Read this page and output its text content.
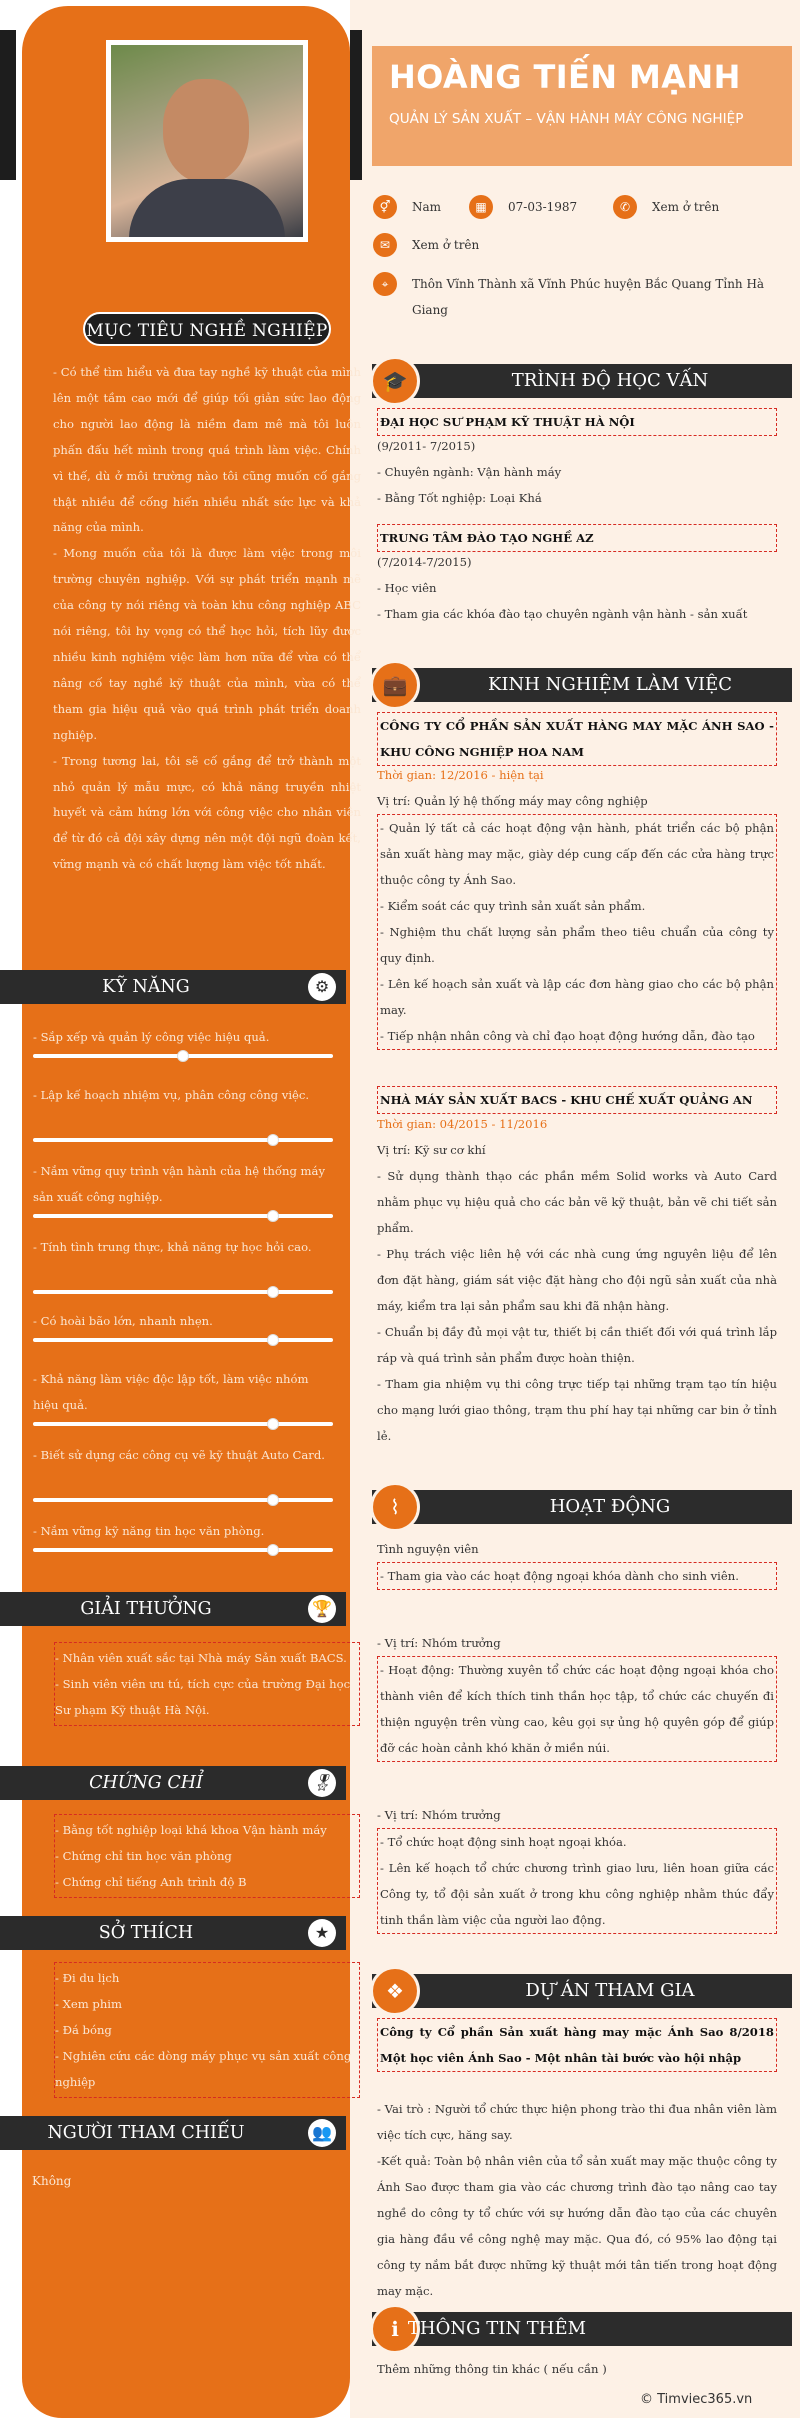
MỤC TIÊU NGHỀ NGHIỆP

- Có thể tìm hiểu và đưa tay nghề kỹ thuật của mình lên một tầm cao mới để giúp tối giản sức lao động cho người lao động là niềm đam mê mà tôi luôn phấn đấu hết mình trong quá trình làm việc. Chính vì thế, dù ở môi trường nào tôi cũng muốn cố gắng thật nhiều để cống hiến nhiều nhất sức lực và khả năng của mình.

- Mong muốn của tôi là được làm việc trong môi trường chuyên nghiệp. Với sự phát triển mạnh mẽ của công ty nói riêng và toàn khu công nghiệp ABC nói riêng, tôi hy vọng có thể học hỏi, tích lũy được nhiều kinh nghiệm việc làm hơn nữa để vừa có thể nâng cố tay nghề kỹ thuật của mình, vừa có thể tham gia hiệu quả vào quá trình phát triển doanh nghiệp.

- Trong tương lai, tôi sẽ cố gắng để trở thành một nhỏ quản lý mẫu mực, có khả năng truyền nhiệt huyết và cảm hứng lớn với công việc cho nhân viên để từ đó cả đội xây dựng nên một đội ngũ đoàn kết, vững mạnh và có chất lượng làm việc tốt nhất.

KỸ NĂNG	⚙
- Sắp xếp và quản lý công việc hiệu quả.
- Lập kế hoạch nhiệm vụ, phân công công việc.
- Nắm vững quy trình vận hành của hệ thống máy sản xuất công nghiệp.
- Tính tình trung thực, khả năng tự học hỏi cao.
- Có hoài bão lớn, nhanh nhẹn.
- Khả năng làm việc độc lập tốt, làm việc nhóm hiệu quả.
- Biết sử dụng các công cụ vẽ kỹ thuật Auto Card.
- Nắm vững kỹ năng tin học văn phòng.
GIẢI THƯỞNG	🏆
- Nhân viên xuất sắc tại Nhà máy Sản xuất BACS.
- Sinh viên viên ưu tú, tích cực của trường Đại học Sư phạm Kỹ thuật Hà Nội.
CHỨNG CHỈ	🎖
- Bằng tốt nghiệp loại khá khoa Vận hành máy
- Chứng chỉ tin học văn phòng
- Chứng chỉ tiếng Anh trình độ B
SỞ THÍCH	★
- Đi du lịch
- Xem phim
- Đá bóng
- Nghiên cứu các dòng máy phục vụ sản xuất công nghiệp
NGƯỜI THAM CHIẾU	👥
Không
HOÀNG TIẾN MẠNH
QUẢN LÝ SẢN XUẤT – VẬN HÀNH MÁY CÔNG NGHIỆP
⚥	Nam	▦	07-03-1987	✆	Xem ở trên
✉	Xem ở trên
⌖	Thôn Vĩnh Thành xã Vĩnh Phúc huyện Bắc Quang Tỉnh Hà Giang
🎓	TRÌNH ĐỘ HỌC VẤN
ĐẠI HỌC SƯ PHẠM KỸ THUẬT HÀ NỘI
(9/2011- 7/2015)
- Chuyên ngành: Vận hành máy
- Bằng Tốt nghiệp: Loại Khá
TRUNG TÂM ĐÀO TẠO NGHỀ AZ
(7/2014-7/2015)
- Học viên
- Tham gia các khóa đào tạo chuyên ngành vận hành - sản xuất
💼	KINH NGHIỆM LÀM VIỆC
CÔNG TY CỔ PHẦN SẢN XUẤT HÀNG MAY MẶC ÁNH SAO - KHU CÔNG NGHIỆP HOA NAM
Thời gian: 12/2016 - hiện tại
Vị trí: Quản lý hệ thống máy may công nghiệp
- Quản lý tất cả các hoạt động vận hành, phát triển các bộ phận sản xuất hàng may mặc, giày dép cung cấp đến các cửa hàng trực thuộc công ty Ánh Sao.
- Kiểm soát các quy trình sản xuất sản phẩm.
- Nghiệm thu chất lượng sản phẩm theo tiêu chuẩn của công ty quy định.
- Lên kế hoạch sản xuất và lập các đơn hàng giao cho các bộ phận may.
- Tiếp nhận nhân công và chỉ đạo hoạt động hướng dẫn, đào tạo
NHÀ MÁY SẢN XUẤT BACS - KHU CHẾ XUẤT QUẢNG AN
Thời gian: 04/2015 - 11/2016
Vị trí: Kỹ sư cơ khí
- Sử dụng thành thạo các phần mềm Solid works và Auto Card nhằm phục vụ hiệu quả cho các bản vẽ kỹ thuật, bản vẽ chi tiết sản phẩm.
- Phụ trách việc liên hệ với các nhà cung ứng nguyên liệu để lên đơn đặt hàng, giám sát việc đặt hàng cho đội ngũ sản xuất của nhà máy, kiểm tra lại sản phẩm sau khi đã nhận hàng.
- Chuẩn bị đầy đủ mọi vật tư, thiết bị cần thiết đối với quá trình lắp ráp và quá trình sản phẩm được hoàn thiện.
- Tham gia nhiệm vụ thi công trực tiếp tại những trạm tạo tín hiệu cho mạng lưới giao thông, trạm thu phí hay tại những car bin ở tỉnh lẻ.
⌇	HOẠT ĐỘNG
Tình nguyện viên
- Tham gia vào các hoạt động ngoại khóa dành cho sinh viên.
- Vị trí: Nhóm trưởng
- Hoạt động: Thường xuyên tổ chức các hoạt động ngoại khóa cho thành viên để kích thích tinh thần học tập, tổ chức các chuyến đi thiện nguyện trên vùng cao, kêu gọi sự ủng hộ quyên góp để giúp đỡ các hoàn cảnh khó khăn ở miền núi.
- Vị trí: Nhóm trưởng
- Tổ chức hoạt động sinh hoạt ngoại khóa.
- Lên kế hoạch tổ chức chương trình giao lưu, liên hoan giữa các Công ty, tổ đội sản xuất ở trong khu công nghiệp nhằm thúc đẩy tinh thần làm việc của người lao động.
❖	DỰ ÁN THAM GIA
Công ty Cổ phần Sản xuất hàng may mặc Ánh Sao 8/2018 Một học viên Ánh Sao - Một nhân tài bước vào hội nhập
- Vai trò : Người tổ chức thực hiện phong trào thi đua nhân viên làm việc tích cực, hăng say.
-Kết quả: Toàn bộ nhân viên của tổ sản xuất may mặc thuộc công ty Ánh Sao được tham gia vào các chương trình đào tạo nâng cao tay nghề do công ty tổ chức với sự hướng dẫn đào tạo của các chuyên gia hàng đầu về công nghệ may mặc. Qua đó, có 95% lao động tại công ty nắm bắt được những kỹ thuật mới tân tiến trong hoạt động may mặc.
ℹ THÔNG TIN THÊM
Thêm những thông tin khác ( nếu cần )
© Timviec365.vn
